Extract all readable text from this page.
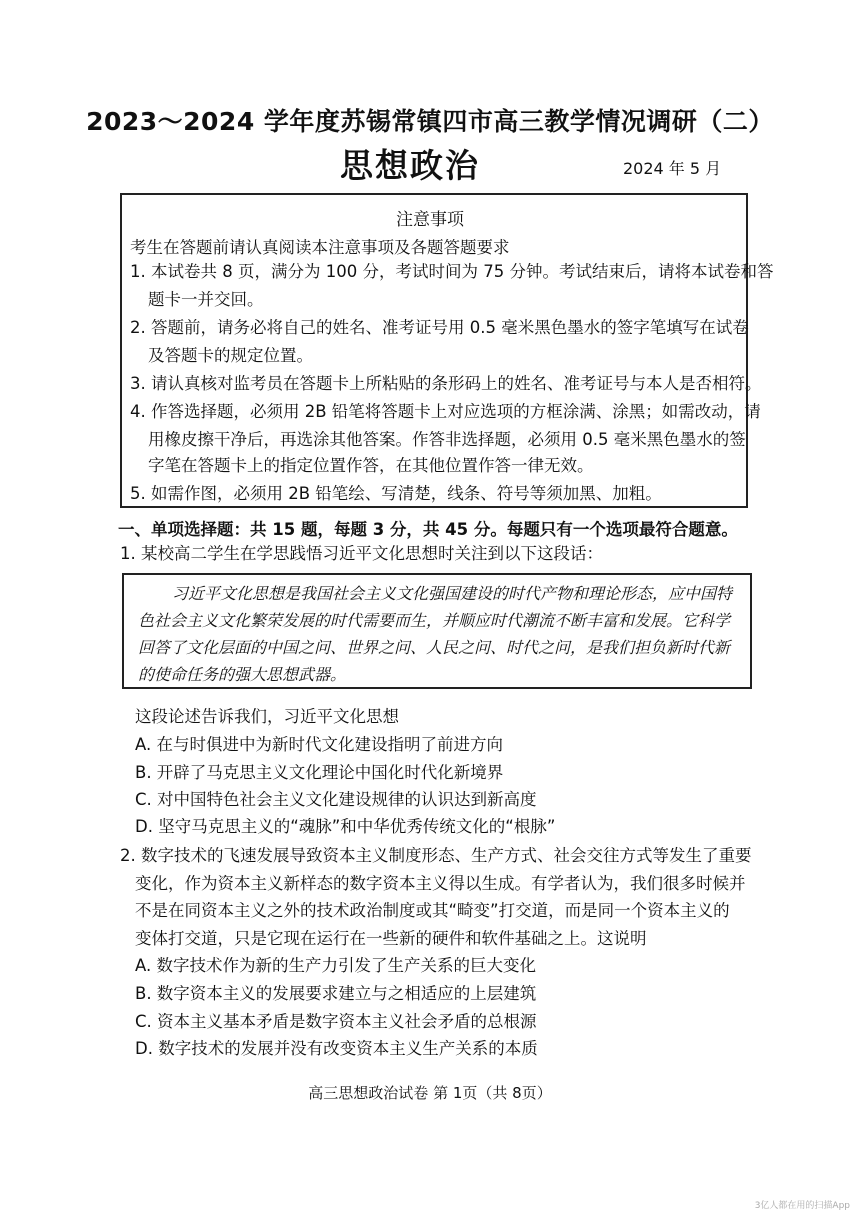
2023～2024 学年度苏锡常镇四市高三教学情况调研（二）
思想政治	2024 年 5 月
注意事项
考生在答题前请认真阅读本注意事项及各题答题要求
1. 本试卷共 8 页，满分为 100 分，考试时间为 75 分钟。考试结束后，请将本试卷和答
题卡一并交回。
2. 答题前，请务必将自己的姓名、准考证号用 0.5 毫米黑色墨水的签字笔填写在试卷
及答题卡的规定位置。
3. 请认真核对监考员在答题卡上所粘贴的条形码上的姓名、准考证号与本人是否相符。
4. 作答选择题，必须用 2B 铅笔将答题卡上对应选项的方框涂满、涂黑；如需改动，请
用橡皮擦干净后，再选涂其他答案。作答非选择题，必须用 0.5 毫米黑色墨水的签
字笔在答题卡上的指定位置作答，在其他位置作答一律无效。
5. 如需作图，必须用 2B 铅笔绘、写清楚，线条、符号等须加黑、加粗。
一、单项选择题：共 15 题，每题 3 分，共 45 分。每题只有一个选项最符合题意。
1. 某校高二学生在学思践悟习近平文化思想时关注到以下这段话：
习近平文化思想是我国社会主义文化强国建设的时代产物和理论形态，应中国特
色社会主义文化繁荣发展的时代需要而生，并顺应时代潮流不断丰富和发展。它科学
回答了文化层面的中国之问、世界之问、人民之问、时代之问，是我们担负新时代新
的使命任务的强大思想武器。
这段论述告诉我们，习近平文化思想
A. 在与时俱进中为新时代文化建设指明了前进方向
B. 开辟了马克思主义文化理论中国化时代化新境界
C. 对中国特色社会主义文化建设规律的认识达到新高度
D. 坚守马克思主义的“魂脉”和中华优秀传统文化的“根脉”
2. 数字技术的飞速发展导致资本主义制度形态、生产方式、社会交往方式等发生了重要
变化，作为资本主义新样态的数字资本主义得以生成。有学者认为，我们很多时候并
不是在同资本主义之外的技术政治制度或其“畸变”打交道，而是同一个资本主义的
变体打交道，只是它现在运行在一些新的硬件和软件基础之上。这说明
A. 数字技术作为新的生产力引发了生产关系的巨大变化
B. 数字资本主义的发展要求建立与之相适应的上层建筑
C. 资本主义基本矛盾是数字资本主义社会矛盾的总根源
D. 数字技术的发展并没有改变资本主义生产关系的本质
高三思想政治试卷 第 1页（共 8页）
3亿人都在用的扫描App
